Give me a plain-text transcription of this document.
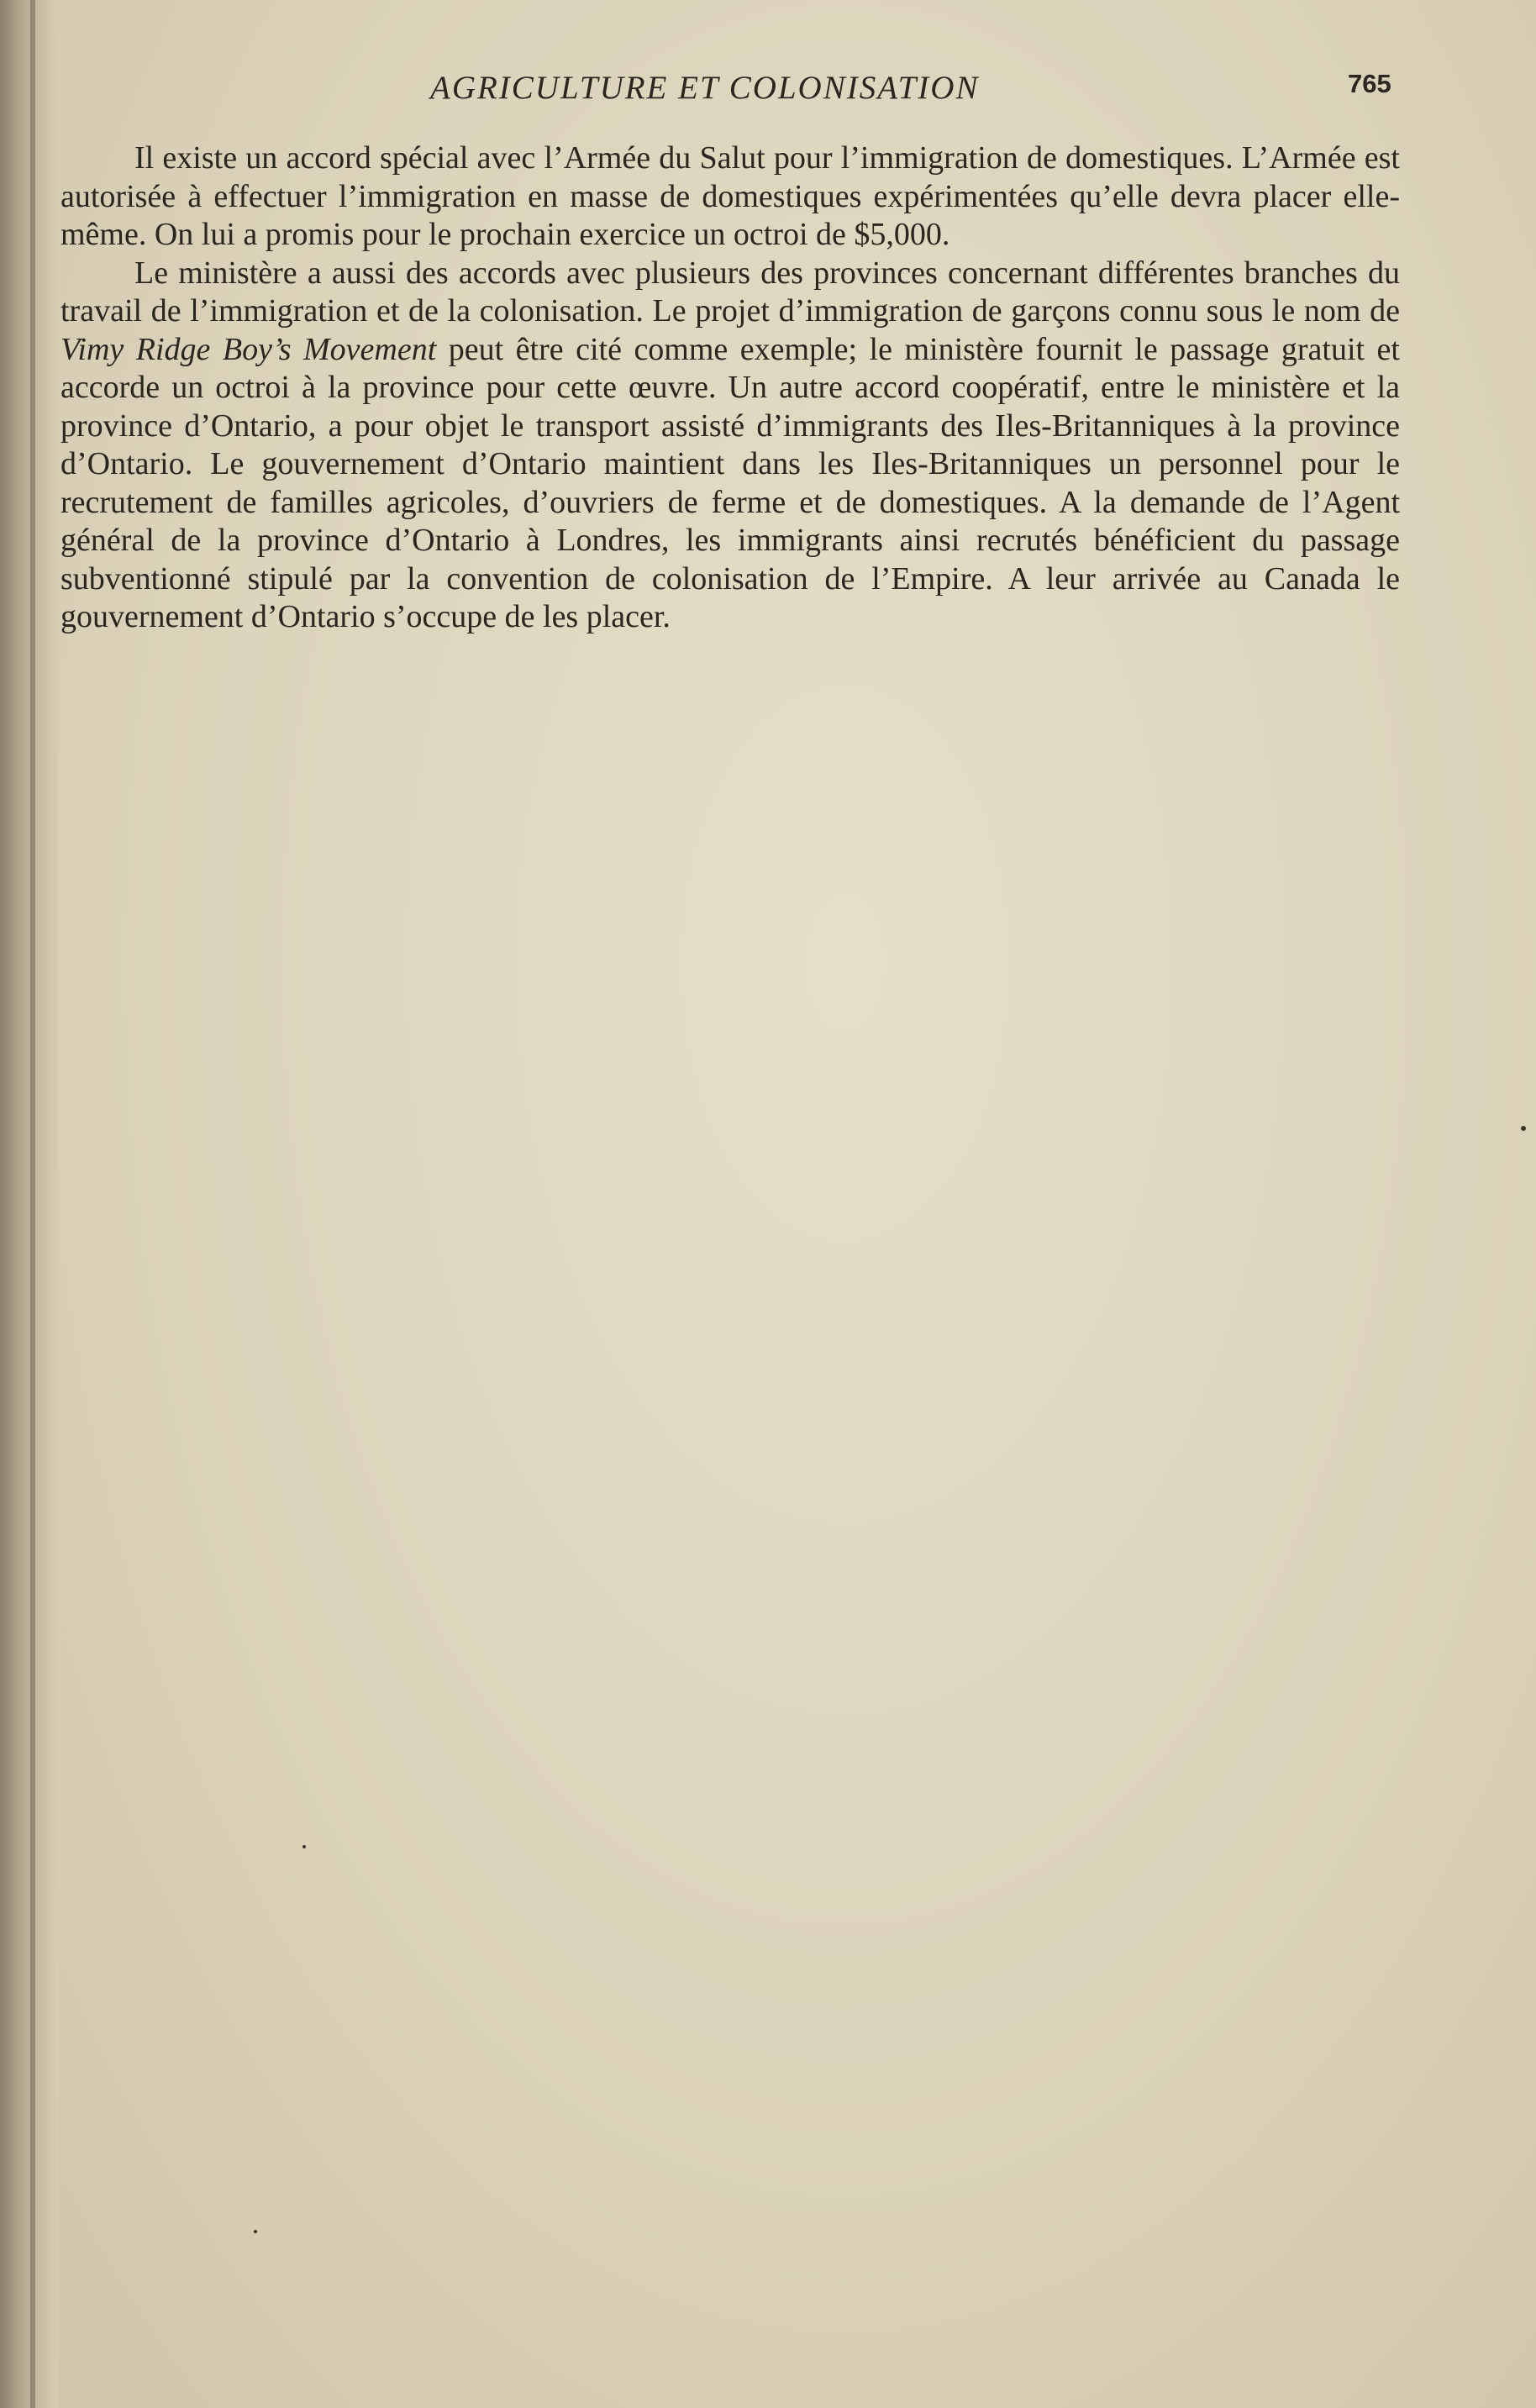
AGRICULTURE ET COLONISATION	765

Il existe un accord spécial avec l’Armée du Salut pour l’immigration de domestiques. L’Armée est autorisée à effectuer l’immigration en masse de domestiques expérimentées qu’elle devra placer elle-même. On lui a promis pour le prochain exercice un octroi de $5,000.

Le ministère a aussi des accords avec plusieurs des provinces concernant différentes branches du travail de l’immigration et de la colonisation. Le projet d’immigration de garçons connu sous le nom de Vimy Ridge Boy’s Movement peut être cité comme exemple; le ministère fournit le passage gratuit et accorde un octroi à la province pour cette œuvre. Un autre accord coopératif, entre le ministère et la province d’Ontario, a pour objet le transport assisté d’immigrants des Iles-Britanniques à la province d’Ontario. Le gouvernement d’Ontario maintient dans les Iles-Britanniques un personnel pour le recrutement de familles agricoles, d’ouvriers de ferme et de domestiques. A la demande de l’Agent général de la province d’Ontario à Londres, les immigrants ainsi recrutés bénéficient du passage subventionné stipulé par la convention de colonisation de l’Empire. A leur arrivée au Canada le gouvernement d’Ontario s’occupe de les placer.
